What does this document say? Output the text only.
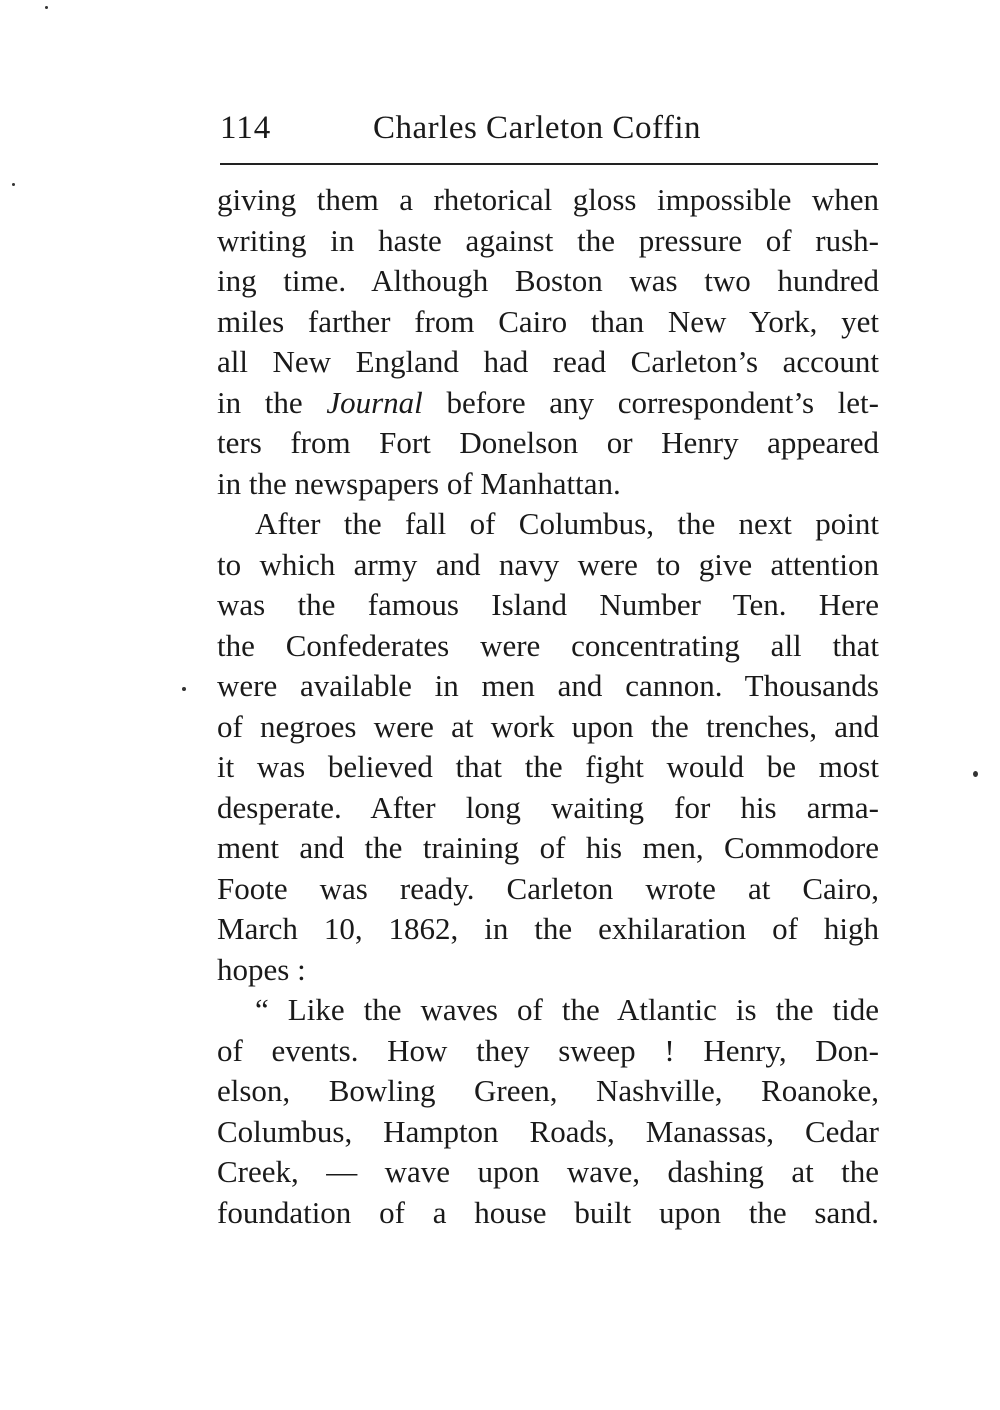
114	Charles Carleton Coffin
giving them a rhetorical gloss impossible when
writing in haste against the pressure of rush-
ing time. Although Boston was two hundred
miles farther from Cairo than New York, yet
all New England had read Carleton’s account
in the Journal before any correspondent’s let-
ters from Fort Donelson or Henry appeared
in the newspapers of Manhattan.
After the fall of Columbus, the next point
to which army and navy were to give attention
was the famous Island Number Ten. Here
the Confederates were concentrating all that
were available in men and cannon. Thousands
of negroes were at work upon the trenches, and
it was believed that the fight would be most
desperate. After long waiting for his arma-
ment and the training of his men, Commodore
Foote was ready. Carleton wrote at Cairo,
March 10, 1862, in the exhilaration of high
hopes :
“ Like the waves of the Atlantic is the tide
of events. How they sweep ! Henry, Don-
elson, Bowling Green, Nashville, Roanoke,
Columbus, Hampton Roads, Manassas, Cedar
Creek, — wave upon wave, dashing at the
foundation of a house built upon the sand.
